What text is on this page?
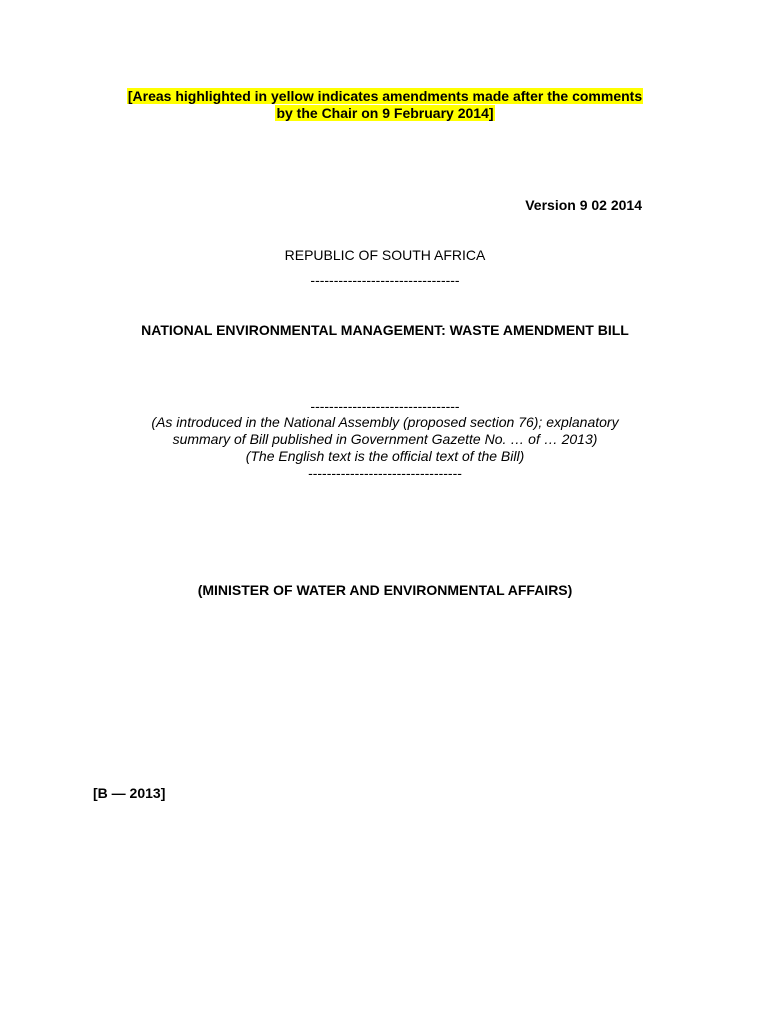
[Areas highlighted in yellow indicates amendments made after the comments
by the Chair on 9 February 2014]
Version 9 02 2014
REPUBLIC OF SOUTH AFRICA
--------------------------------
NATIONAL ENVIRONMENTAL MANAGEMENT: WASTE AMENDMENT BILL
--------------------------------
(As introduced in the National Assembly (proposed section 76); explanatory
summary of Bill published in Government Gazette No. … of … 2013)
(The English text is the official text of the Bill)
---------------------------------
(MINISTER OF WATER AND ENVIRONMENTAL AFFAIRS)
[B — 2013]
